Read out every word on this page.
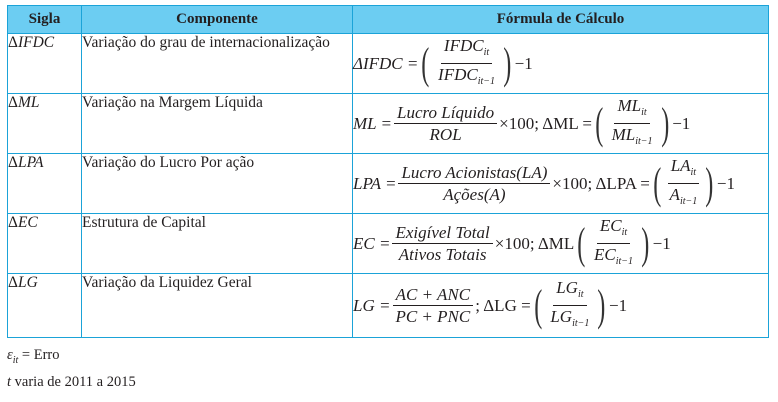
Sigla	Componente	Fórmula de Cálculo
ΔIFDC	Variação do grau de internacionalização	
ΔIFDC = ( $\frac{IFDC_{it}}{IFDC_{it-1}}$ ) −1

ΔML	Variação na Margem Líquida	
ML = $\frac{\text{Lucro Líquido}}{\text{ROL}} \times 100$; ΔML = ( $\frac{ML_{it}}{ML_{it-1}}$ ) −1

ΔLPA	Variação do Lucro Por ação	
LPA = $\frac{\text{Lucro Acionistas(LA)}}{\text{Ações(A)}} \times 100$; ΔLPA = ( $\frac{LA_{it}}{A_{it-1}}$ ) −1

ΔEC	Estrutura de Capital	
EC = $\frac{\text{Exigível Total}}{\text{Ativos Totais}} \times 100$; ΔML ( $\frac{EC_{it}}{EC_{it-1}}$ ) −1

ΔLG	Variação da Liquidez Geral	
LG = $\frac{\text{AC + ANC}}{\text{PC + PNC}}$ ; ΔLG = ( $\frac{LG_{it}}{LG_{it-1}}$ ) −1
$\varepsilon_{it}$ = Erro
t varia de 2011 a 2015
